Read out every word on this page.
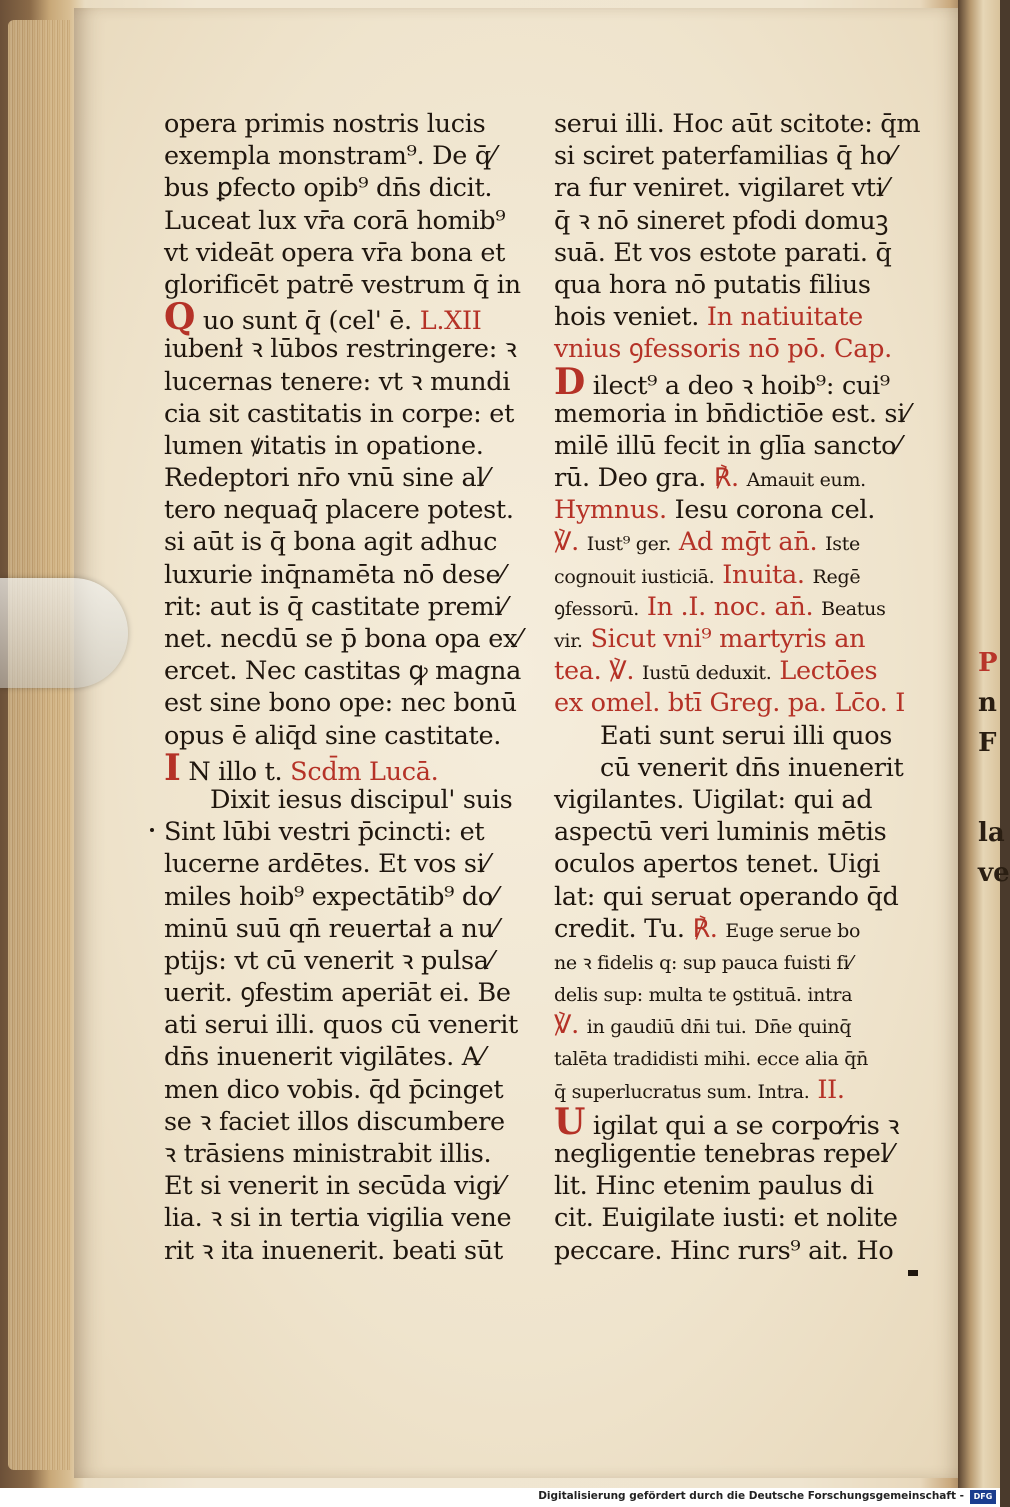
opera primis nostris lucis
exempla monstram⁹. De q̄⁄
bus ꝑfecto opib⁹ dn̄s dicit.
Luceat lux vr̄a corā homib⁹
vt videāt opera vr̄a bona et
glorificēt patrē vestrum q̄ in
Q uo sunt q̄ (cel' ē. L.XII
iubenł ꝛ lūbos restringere: ꝛ
lucernas tenere: vt ꝛ mundi
cia sit castitatis in corpe: et
lumen ꝟitatis in opatione.
Redeptori nr̄o vnū sine al⁄
tero nequaq̄ placere potest.
si aūt is q̄ bona agit adhuc
luxurie inq̄namēta nō dese⁄
rit: aut is q̄ castitate premi⁄
net. necdū se p̄ bona opa ex⁄
ercet. Nec castitas ꝙ magna
est sine bono ope: nec bonū
opus ē aliq̄d sine castitate.
I N illo t. Scd̄m Lucā.
Dixit iesus discipul' suis
Sint lūbi vestri p̄cincti: et
lucerne ardētes. Et vos si⁄
miles hoib⁹ expectātib⁹ do⁄
minū suū qn̄ reuertał a nu⁄
ptijs: vt cū venerit ꝛ pulsa⁄
uerit. ꝯfestim aperiāt ei. Be
ati serui illi. quos cū venerit
dn̄s inuenerit vigilātes. A⁄
men dico vobis. q̄d p̄cinget
se ꝛ faciet illos discumbere
ꝛ trāsiens ministrabit illis.
Et si venerit in secūda vigi⁄
lia. ꝛ si in tertia vigilia vene
rit ꝛ ita inuenerit. beati sūt
serui illi. Hoc aūt scitote: q̄m
si sciret paterfamilias q̄ ho⁄
ra fur veniret. vigilaret vti⁄
q̄ ꝛ nō sineret pfodi domuꝫ
suā. Et vos estote parati. q̄
qua hora nō putatis filius
hois veniet. In natiuitate
vnius ꝯfessoris nō pō. Cap.
D ilect⁹ a deo ꝛ hoib⁹: cui⁹
memoria in bn̄dictiōe est. si⁄
milē illū fecit in glīa sancto⁄
rū. Deo gra. ℟. Amauit eum.
Hymnus. Iesu corona cel.
℣. Iust⁹ ger. Ad mḡt an̄. Iste
cognouit iusticiā. Inuita. Regē
ꝯfessorū. In .I. noc. an̄. Beatus
vir. Sicut vni⁹ martyris an
tea. ℣. Iustū deduxit. Lectōes
ex omel. btī Greg. pa. Lc̄o. I
Eati sunt serui illi quos
cū venerit dn̄s inuenerit
vigilantes. Uigilat: qui ad
aspectū veri luminis mētis
oculos apertos tenet. Uigi
lat: qui seruat operando q̄d
credit. Tu. ℟. Euge serue bo
ne ꝛ fidelis q: sup pauca fuisti fi⁄
delis sup: multa te ꝯstituā. intra
℣. in gaudiū dn̄i tui. Dn̄e quinq̄
talēta tradidisti mihi. ecce alia q̄n̄
q̄ superlucratus sum. Intra. II.
U igilat qui a se corpo⁄ris ꝛ
negligentie tenebras repel⁄
lit. Hinc etenim paulus di
cit. Euigilate iusti: et nolite
peccare. Hinc rurs⁹ ait. Ho
P
n
F
la
ve
Digitalisierung gefördert durch die Deutsche Forschungsgemeinschaft -	DFG
